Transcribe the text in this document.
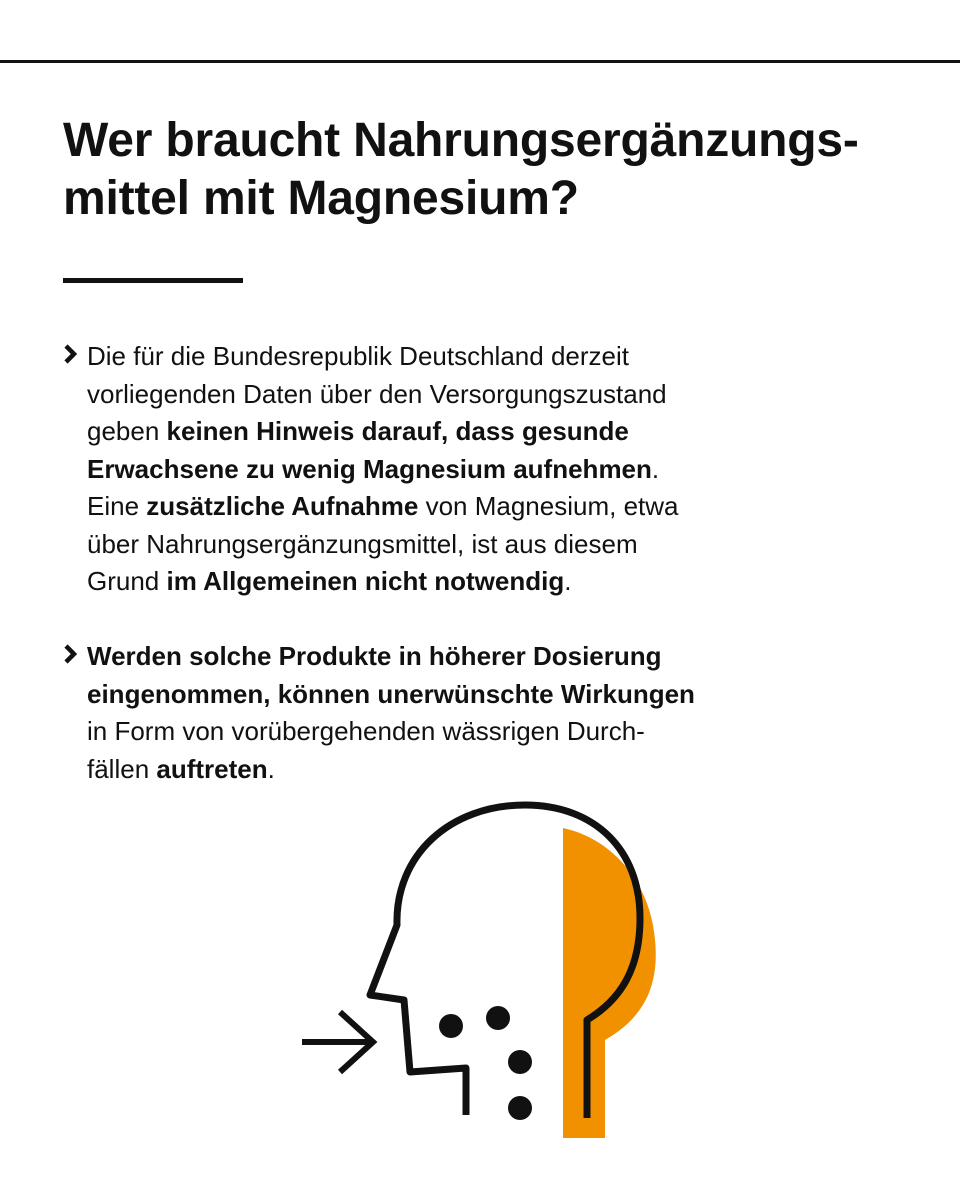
Wer braucht Nahrungsergänzungs-
mittel mit Magnesium?
Die für die Bundesrepublik Deutschland derzeit
vorliegenden Daten über den Versorgungszustand
geben keinen Hinweis darauf, dass gesunde
Erwachsene zu wenig Magnesium aufnehmen.
Eine zusätzliche Aufnahme von Magnesium, etwa
über Nahrungsergänzungsmittel, ist aus diesem
Grund im Allgemeinen nicht notwendig.
Werden solche Produkte in höherer Dosierung
eingenommen, können unerwünschte Wirkungen
in Form von vorübergehenden wässrigen Durch-
fällen auftreten.
